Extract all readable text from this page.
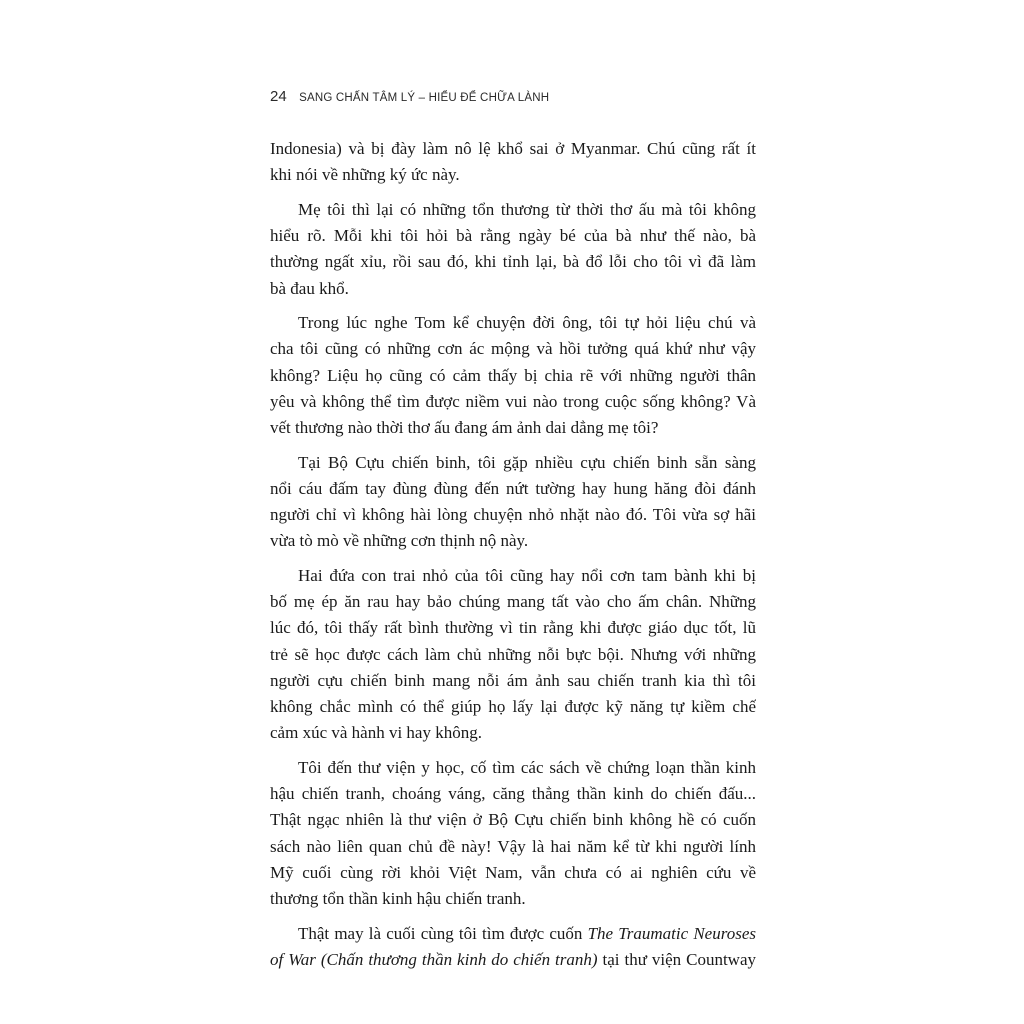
24 SANG CHẤN TÂM LÝ – HIỂU ĐỂ CHỮA LÀNH

Indonesia) và bị đày làm nô lệ khổ sai ở Myanmar. Chú cũng rất ít
khi nói về những ký ức này.

Mẹ tôi thì lại có những tổn thương từ thời thơ ấu mà tôi không
hiểu rõ. Mỗi khi tôi hỏi bà rằng ngày bé của bà như thế nào, bà
thường ngất xỉu, rồi sau đó, khi tỉnh lại, bà đổ lỗi cho tôi vì đã làm
bà đau khổ.

Trong lúc nghe Tom kể chuyện đời ông, tôi tự hỏi liệu chú và
cha tôi cũng có những cơn ác mộng và hồi tưởng quá khứ như vậy
không? Liệu họ cũng có cảm thấy bị chia rẽ với những người thân
yêu và không thể tìm được niềm vui nào trong cuộc sống không? Và
vết thương nào thời thơ ấu đang ám ảnh dai dẳng mẹ tôi?

Tại Bộ Cựu chiến binh, tôi gặp nhiều cựu chiến binh sẵn sàng
nổi cáu đấm tay đùng đùng đến nứt tường hay hung hăng đòi đánh
người chỉ vì không hài lòng chuyện nhỏ nhặt nào đó. Tôi vừa sợ hãi
vừa tò mò về những cơn thịnh nộ này.

Hai đứa con trai nhỏ của tôi cũng hay nổi cơn tam bành khi bị
bố mẹ ép ăn rau hay bảo chúng mang tất vào cho ấm chân. Những
lúc đó, tôi thấy rất bình thường vì tin rằng khi được giáo dục tốt, lũ
trẻ sẽ học được cách làm chủ những nỗi bực bội. Nhưng với những
người cựu chiến binh mang nỗi ám ảnh sau chiến tranh kia thì tôi
không chắc mình có thể giúp họ lấy lại được kỹ năng tự kiềm chế
cảm xúc và hành vi hay không.

Tôi đến thư viện y học, cố tìm các sách về chứng loạn thần kinh
hậu chiến tranh, choáng váng, căng thẳng thần kinh do chiến đấu...
Thật ngạc nhiên là thư viện ở Bộ Cựu chiến binh không hề có cuốn
sách nào liên quan chủ đề này! Vậy là hai năm kể từ khi người lính
Mỹ cuối cùng rời khỏi Việt Nam, vẫn chưa có ai nghiên cứu về
thương tổn thần kinh hậu chiến tranh.

Thật may là cuối cùng tôi tìm được cuốn The Traumatic Neuroses
of War (Chấn thương thần kinh do chiến tranh) tại thư viện Countway
